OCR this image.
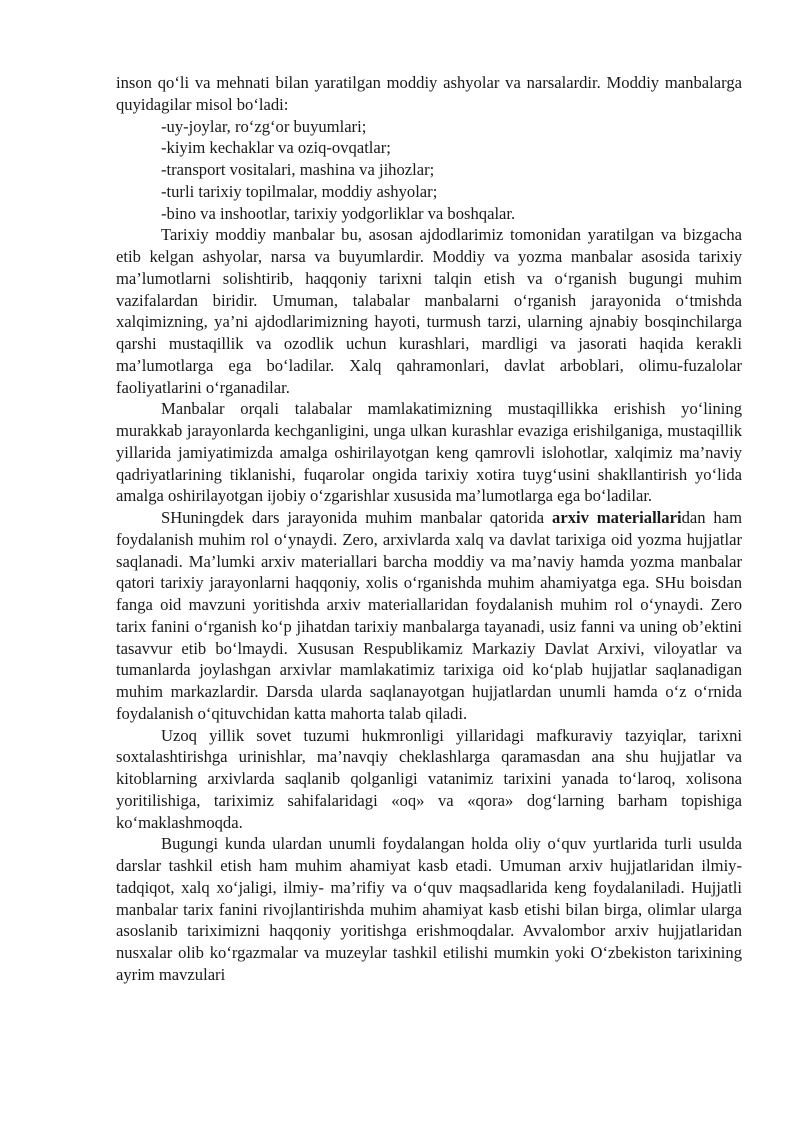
inson qo‘li va mehnati bilan yaratilgan moddiy ashyolar va narsalardir. Moddiy manbalarga quyidagilar misol bo‘ladi:

-uy-joylar, ro‘zg‘or buyumlari;

-kiyim kechaklar va oziq-ovqatlar;

-transport vositalari, mashina va jihozlar;

-turli tarixiy topilmalar, moddiy ashyolar;

-bino va inshootlar, tarixiy yodgorliklar va boshqalar.

Tarixiy moddiy manbalar bu, asosan ajdodlarimiz tomonidan yaratilgan va bizgacha etib kelgan ashyolar, narsa va buyumlardir. Moddiy va yozma manbalar asosida tarixiy ma’lumotlarni solishtirib, haqqoniy tarixni talqin etish va o‘rganish bugungi muhim vazifalardan biridir. Umuman, talabalar manbalarni o‘rganish jarayonida o‘tmishda xalqimizning, ya’ni ajdodlarimizning hayoti, turmush tarzi, ularning ajnabiy bosqinchilarga qarshi mustaqillik va ozodlik uchun kurashlari, mardligi va jasorati haqida kerakli ma’lumotlarga ega bo‘ladilar. Xalq qahramonlari, davlat arboblari, olimu-fuzalolar faoliyatlarini o‘rganadilar.

Manbalar orqali talabalar mamlakatimizning mustaqillikka erishish yo‘lining murakkab jarayonlarda kechganligini, unga ulkan kurashlar evaziga erishilganiga, mustaqillik yillarida jamiyatimizda amalga oshirilayotgan keng qamrovli islohotlar, xalqimiz ma’naviy qadriyatlarining tiklanishi, fuqarolar ongida tarixiy xotira tuyg‘usini shakllantirish yo‘lida amalga oshirilayotgan ijobiy o‘zgarishlar xususida ma’lumotlarga ega bo‘ladilar.

SHuningdek dars jarayonida muhim manbalar qatorida arxiv materiallaridan ham foydalanish muhim rol o‘ynaydi. Zero, arxivlarda xalq va davlat tarixiga oid yozma hujjatlar saqlanadi. Ma’lumki arxiv materiallari barcha moddiy va ma’naviy hamda yozma manbalar qatori tarixiy jarayonlarni haqqoniy, xolis o‘rganishda muhim ahamiyatga ega. SHu boisdan fanga oid mavzuni yoritishda arxiv materiallaridan foydalanish muhim rol o‘ynaydi. Zero tarix fanini o‘rganish ko‘p jihatdan tarixiy manbalarga tayanadi, usiz fanni va uning ob’ektini tasavvur etib bo‘lmaydi. Xususan Respublikamiz Markaziy Davlat Arxivi, viloyatlar va tumanlarda joylashgan arxivlar mamlakatimiz tarixiga oid ko‘plab hujjatlar saqlanadigan muhim markazlardir. Darsda ularda saqlanayotgan hujjatlardan unumli hamda o‘z o‘rnida foydalanish o‘qituvchidan katta mahorta talab qiladi.

Uzoq yillik sovet tuzumi hukmronligi yillaridagi mafkuraviy tazyiqlar, tarixni soxtalashtirishga urinishlar, ma’navqiy cheklashlarga qaramasdan ana shu hujjatlar va kitoblarning arxivlarda saqlanib qolganligi vatanimiz tarixini yanada to‘laroq, xolisona yoritilishiga, tariximiz sahifalaridagi «oq» va «qora» dog‘larning barham topishiga ko‘maklashmoqda.

Bugungi kunda ulardan unumli foydalangan holda oliy o‘quv yurtlarida turli usulda darslar tashkil etish ham muhim ahamiyat kasb etadi. Umuman arxiv hujjatlaridan ilmiy-tadqiqot, xalq xo‘jaligi, ilmiy- ma’rifiy va o‘quv maqsadlarida keng foydalaniladi. Hujjatli manbalar tarix fanini rivojlantirishda muhim ahamiyat kasb etishi bilan birga, olimlar ularga asoslanib tariximizni haqqoniy yoritishga erishmoqdalar. Avvalombor arxiv hujjatlaridan nusxalar olib ko‘rgazmalar va muzeylar tashkil etilishi mumkin yoki O‘zbekiston tarixining ayrim mavzulari
